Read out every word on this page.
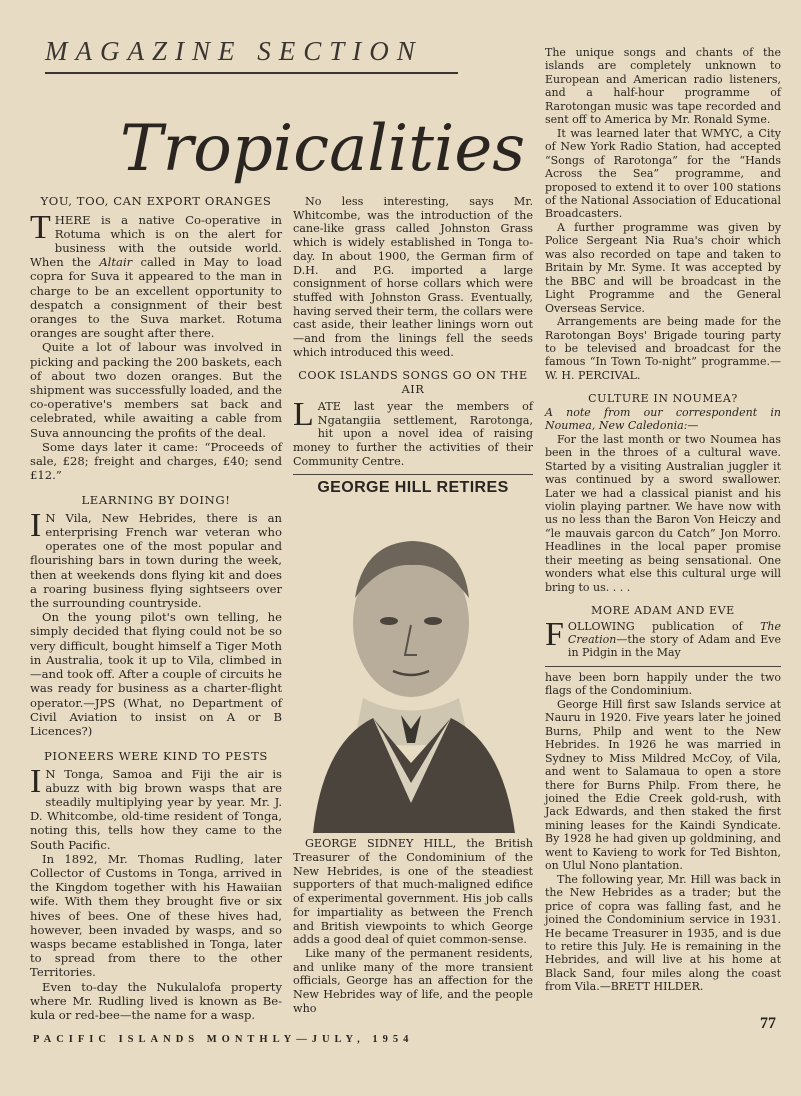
MAGAZINE SECTION
Tropicalities

YOU, TOO, CAN EXPORT ORANGES

THERE is a native Co-operative in Rotuma which is on the alert for business with the outside world. When the Altair called in May to load copra for Suva it appeared to the man in charge to be an excellent opportunity to despatch a consignment of their best oranges to the Suva market. Rotuma oranges are sought after there.

Quite a lot of labour was involved in picking and packing the 200 baskets, each of about two dozen oranges. But the shipment was successfully loaded, and the co-operative's members sat back and celebrated, while awaiting a cable from Suva announcing the profits of the deal.

Some days later it came: “Proceeds of sale, £28; freight and charges, £40; send £12.”

LEARNING BY DOING!

I N Vila, New Hebrides, there is an enterprising French war veteran who operates one of the most popular and flourishing bars in town during the week, then at weekends dons flying kit and does a roaring business flying sightseers over the surrounding countryside.

On the young pilot's own telling, he simply decided that flying could not be so very difficult, bought himself a Tiger Moth in Australia, took it up to Vila, climbed in—and took off. After a couple of circuits he was ready for business as a charter-flight operator.—JPS (What, no Department of Civil Aviation to insist on A or B Licences?)

PIONEERS WERE KIND TO PESTS

I N Tonga, Samoa and Fiji the air is abuzz with big brown wasps that are steadily multiplying year by year. Mr. J. D. Whitcombe, old-time resident of Tonga, noting this, tells how they came to the South Pacific.

In 1892, Mr. Thomas Rudling, later Collector of Customs in Tonga, arrived in the Kingdom together with his Hawaiian wife. With them they brought five or six hives of bees. One of these hives had, however, been invaded by wasps, and so wasps became established in Tonga, later to spread from there to the other Territories.

Even to-day the Nukulalofa property where Mr. Rudling lived is known as Be-kula or red-bee—the name for a wasp.

No less interesting, says Mr. Whitcombe, was the introduction of the cane-like grass called Johnston Grass which is widely established in Tonga to-day. In about 1900, the German firm of D.H. and P.G. imported a large consignment of horse collars which were stuffed with Johnston Grass. Eventually, having served their term, the collars were cast aside, their leather linings worn out—and from the linings fell the seeds which introduced this weed.

COOK ISLANDS SONGS GO ON THE AIR

LATE last year the members of Ngatangiia settlement, Rarotonga, hit upon a novel idea of raising money to further the activities of their Community Centre.

GEORGE HILL RETIRES

GEORGE SIDNEY HILL, the British Treasurer of the Condominium of the New Hebrides, is one of the steadiest supporters of that much-maligned edifice of experimental government. His job calls for impartiality as between the French and British viewpoints to which George adds a good deal of quiet common-sense.

Like many of the permanent residents, and unlike many of the more transient officials, George has an affection for the New Hebrides way of life, and the people who

The unique songs and chants of the islands are completely unknown to European and American radio listeners, and a half-hour programme of Rarotongan music was tape recorded and sent off to America by Mr. Ronald Syme.

It was learned later that WMYC, a City of New York Radio Station, had accepted “Songs of Rarotonga” for the “Hands Across the Sea” programme, and proposed to extend it to over 100 stations of the National Association of Educational Broadcasters.

A further programme was given by Police Sergeant Nia Rua's choir which was also recorded on tape and taken to Britain by Mr. Syme. It was accepted by the BBC and will be broadcast in the Light Programme and the General Overseas Service.

Arrangements are being made for the Rarotongan Boys' Brigade touring party to be televised and broadcast for the famous “In Town To-night” programme.—W. H. PERCIVAL.

CULTURE IN NOUMEA?

A note from our correspondent in Noumea, New Caledonia:—

For the last month or two Noumea has been in the throes of a cultural wave. Started by a visiting Australian juggler it was continued by a sword swallower. Later we had a classical pianist and his violin playing partner. We have now with us no less than the Baron Von Heiczy and “le mauvais garcon du Catch” Jon Morro. Headlines in the local paper promise their meeting as being sensational. One wonders what else this cultural urge will bring to us. . . .

MORE ADAM AND EVE

FOLLOWING publication of The Creation—the story of Adam and Eve in Pidgin in the May

have been born happily under the two flags of the Condominium.

George Hill first saw Islands service at Nauru in 1920. Five years later he joined Burns, Philp and went to the New Hebrides. In 1926 he was married in Sydney to Miss Mildred McCoy, of Vila, and went to Salamaua to open a store there for Burns Philp. From there, he joined the Edie Creek gold-rush, with Jack Edwards, and then staked the first mining leases for the Kaindi Syndicate. By 1928 he had given up goldmining, and went to Kavieng to work for Ted Bishton, on Ulul Nono plantation.

The following year, Mr. Hill was back in the New Hebrides as a trader; but the price of copra was falling fast, and he joined the Condominium service in 1931. He became Treasurer in 1935, and is due to retire this July. He is remaining in the Hebrides, and will live at his home at Black Sand, four miles along the coast from Vila.—BRETT HILDER.

PACIFIC ISLANDS MONTHLY—JULY, 1954
77
